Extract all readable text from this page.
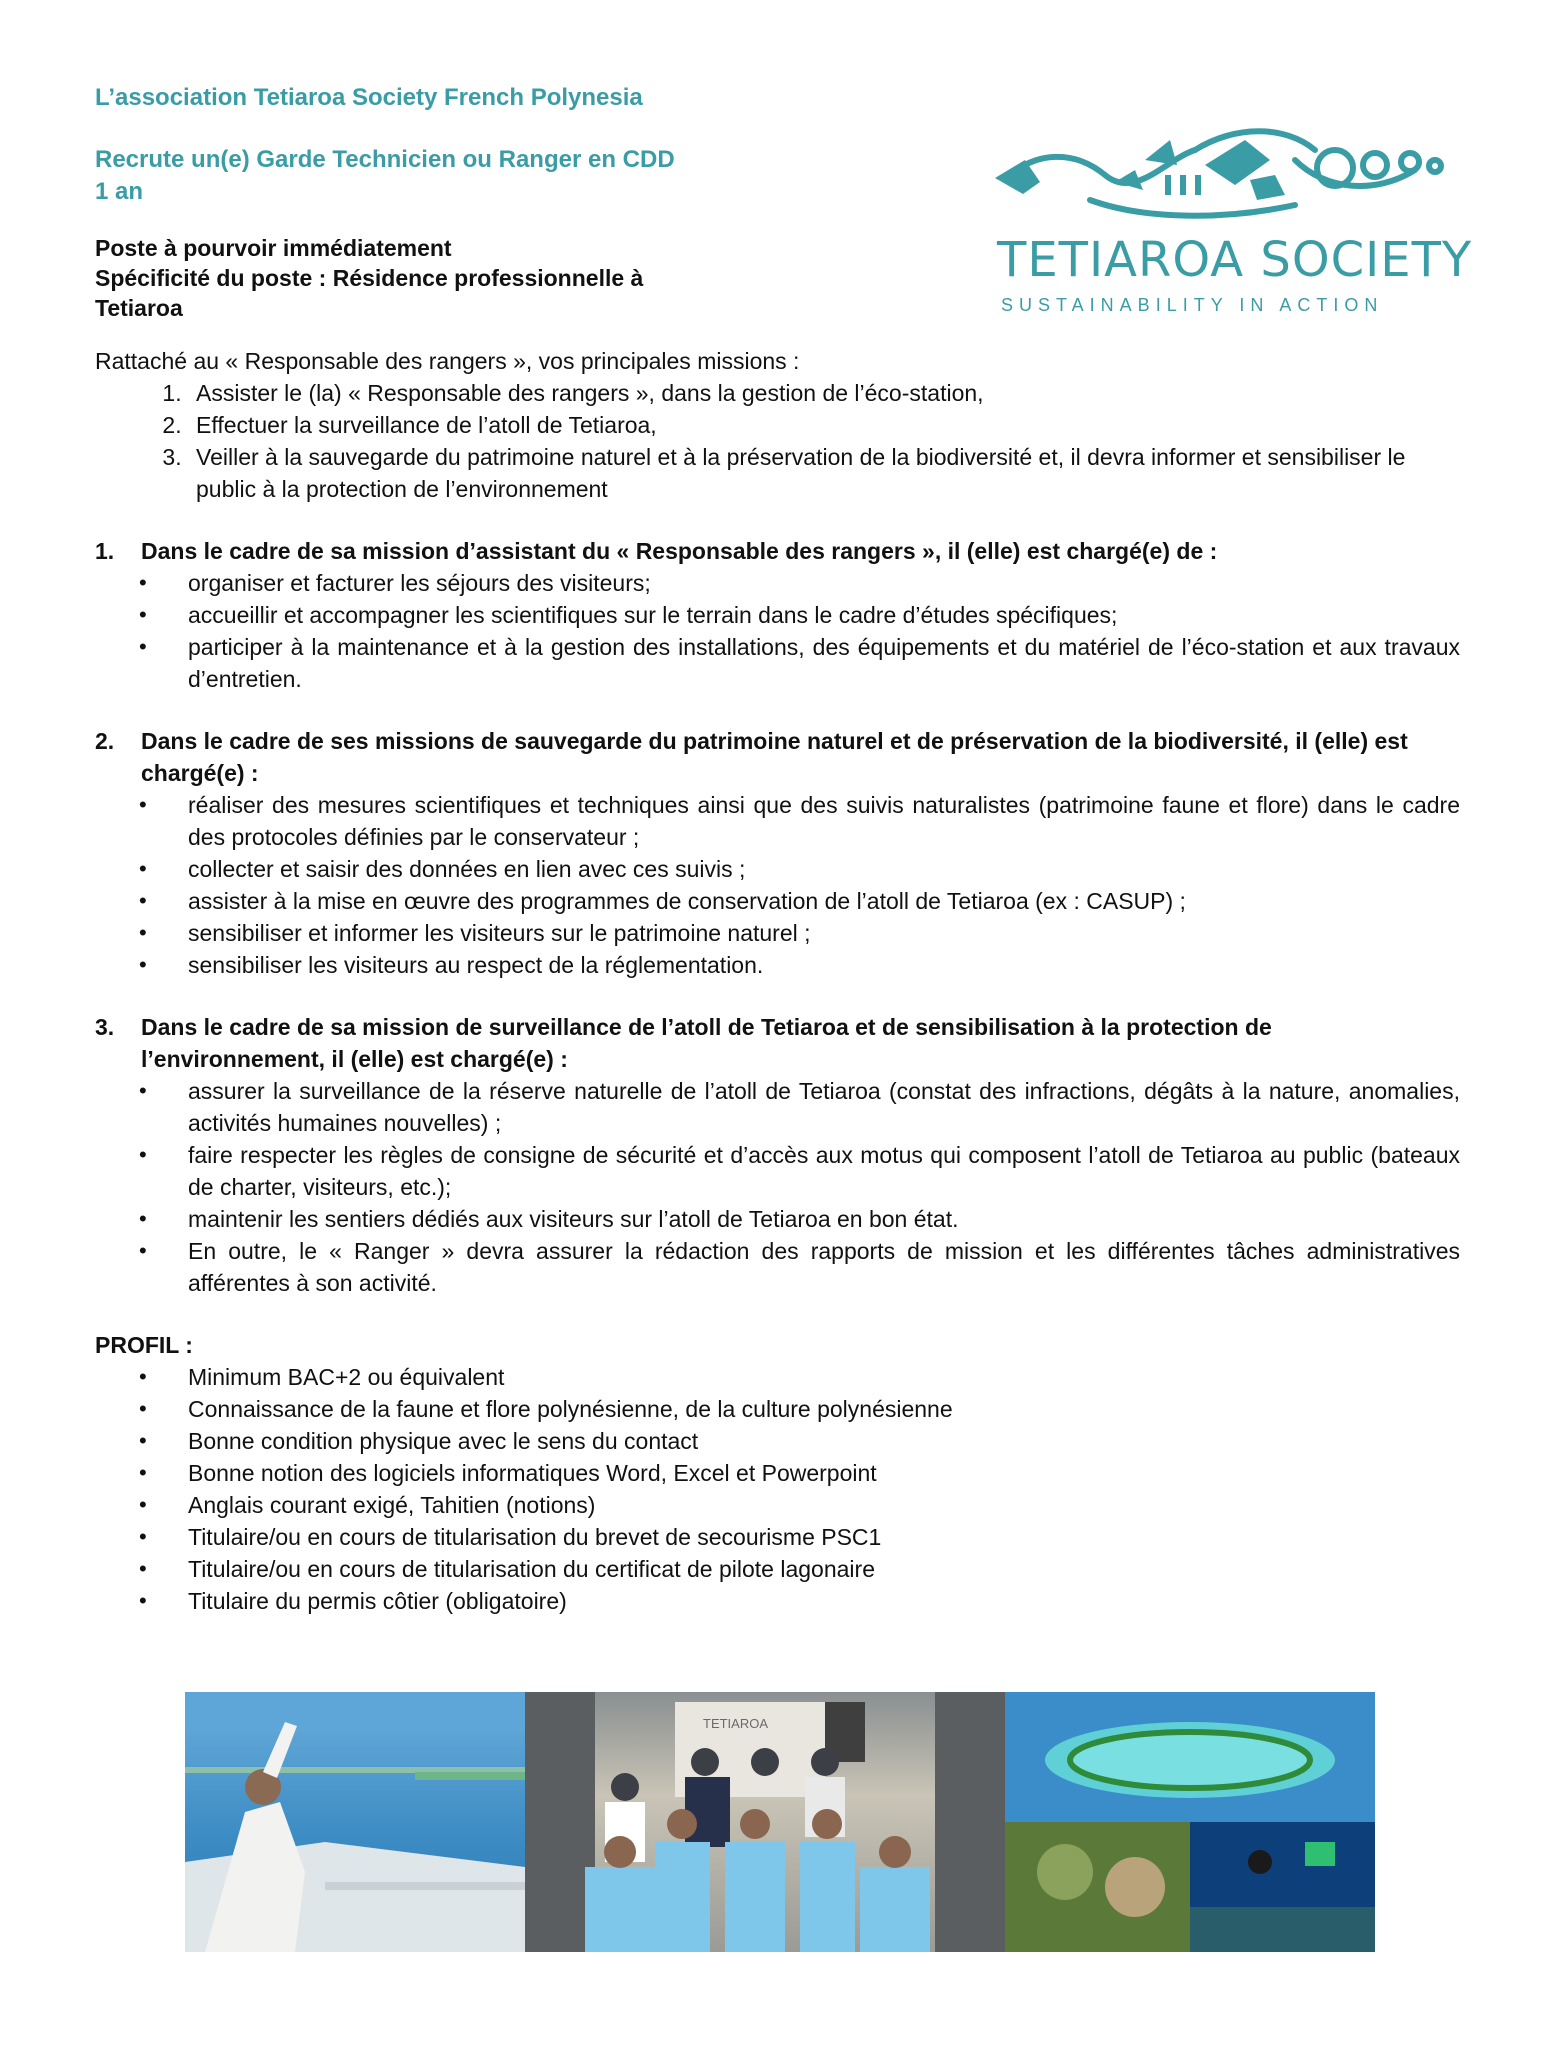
TETIAROA SOCIETY
SUSTAINABILITY IN ACTION

L’association Tetiaroa Society French Polynesia

Recrute un(e) Garde Technicien ou Ranger en CDD

1 an

Poste à pourvoir immédiatement

Spécificité du poste : Résidence professionnelle à

Tetiaroa

Rattaché au « Responsable des rangers », vos principales missions :

1. Assister le (la) « Responsable des rangers », dans la gestion de l’éco-station,
2. Effectuer la surveillance de l’atoll de Tetiaroa,
3. Veiller à la sauvegarde du patrimoine naturel et à la préservation de la biodiversité et, il devra informer et sensibiliser le public à la protection de l’environnement
1.	Dans le cadre de sa mission d’assistant du « Responsable des rangers », il (elle) est chargé(e) de :
• organiser et facturer les séjours des visiteurs;
• accueillir et accompagner les scientifiques sur le terrain dans le cadre d’études spécifiques;
• participer à la maintenance et à la gestion des installations, des équipements et du matériel de l’éco-station et aux travaux d’entretien.
2.	Dans le cadre de ses missions de sauvegarde du patrimoine naturel et de préservation de la biodiversité, il (elle) est chargé(e) :
• réaliser des mesures scientifiques et techniques ainsi que des suivis naturalistes (patrimoine faune et flore) dans le cadre des protocoles définies par le conservateur ;
• collecter et saisir des données en lien avec ces suivis ;
• assister à la mise en œuvre des programmes de conservation de l’atoll de Tetiaroa (ex : CASUP) ;
• sensibiliser et informer les visiteurs sur le patrimoine naturel ;
• sensibiliser les visiteurs au respect de la réglementation.
3.	Dans le cadre de sa mission de surveillance de l’atoll de Tetiaroa et de sensibilisation à la protection de l’environnement, il (elle) est chargé(e) :
• assurer la surveillance de la réserve naturelle de l’atoll de Tetiaroa (constat des infractions, dégâts à la nature, anomalies, activités humaines nouvelles) ;
• faire respecter les règles de consigne de sécurité et d’accès aux motus qui composent l’atoll de Tetiaroa au public (bateaux de charter, visiteurs, etc.);
• maintenir les sentiers dédiés aux visiteurs sur l’atoll de Tetiaroa en bon état.
• En outre, le « Ranger » devra assurer la rédaction des rapports de mission et les différentes tâches administratives afférentes à son activité.
PROFIL :
• Minimum BAC+2 ou équivalent
• Connaissance de la faune et flore polynésienne, de la culture polynésienne
• Bonne condition physique avec le sens du contact
• Bonne notion des logiciels informatiques Word, Excel et Powerpoint
• Anglais courant exigé, Tahitien (notions)
• Titulaire/ou en cours de titularisation du brevet de secourisme PSC1
• Titulaire/ou en cours de titularisation du certificat de pilote lagonaire
• Titulaire du permis côtier (obligatoire)
TETIAROA
